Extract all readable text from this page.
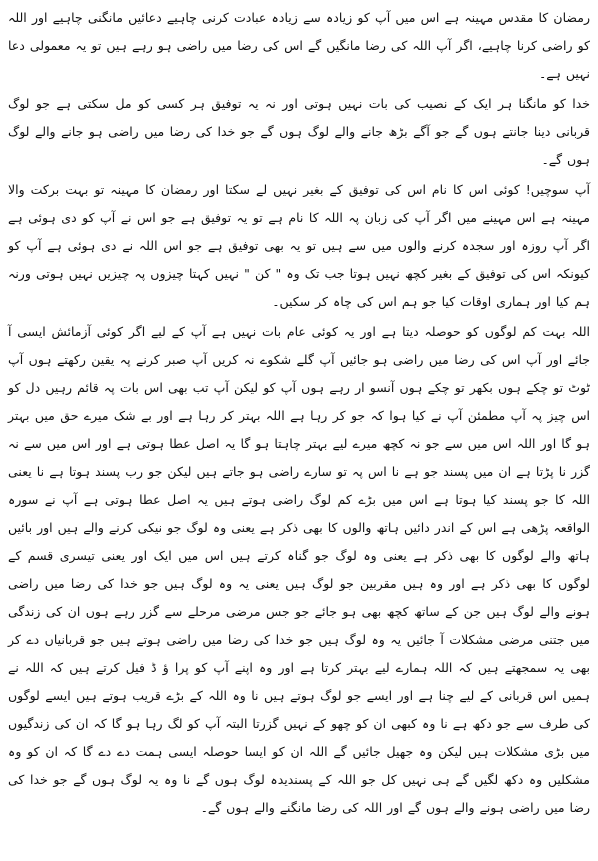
رمضان کا مقدس مہینہ ہے اس میں آپ کو زیادہ سے زیادہ عبادت کرنی چاہیے دعائیں مانگنی چاہیے اور اللہ کو راضی کرنا چاہیے، اگر آپ اللہ کی رضا مانگیں گے اس کی رضا میں راضی ہو رہے ہیں تو یہ معمولی دعا نہیں ہے۔

خدا کو مانگنا ہر ایک کے نصیب کی بات نہیں ہوتی اور نہ یہ توفیق ہر کسی کو مل سکتی ہے جو لوگ قربانی دینا جانتے ہوں گے جو آگے بڑھ جانے والے لوگ ہوں گے جو خدا کی رضا میں راضی ہو جانے والے لوگ ہوں گے۔

آپ سوچیں! کوئی اس کا نام اس کی توفیق کے بغیر نہیں لے سکتا اور رمضان کا مہینہ تو بہت برکت والا مہینہ ہے اس مہینے میں اگر آپ کی زبان پہ اللہ کا نام ہے تو یہ توفیق ہے جو اس نے آپ کو دی ہوئی ہے اگر آپ روزہ اور سجدہ کرنے والوں میں سے ہیں تو یہ بھی توفیق ہے جو اس اللہ نے دی ہوئی ہے آپ کو کیونکہ اس کی توفیق کے بغیر کچھ نہیں ہوتا جب تک وہ " کن " نہیں کہتا چیزوں پہ چیزیں نہیں ہوتی ورنہ ہم کیا اور ہماری اوقات کیا جو ہم اس کی چاہ کر سکیں۔

اللہ بہت کم لوگوں کو حوصلہ دیتا ہے اور یہ کوئی عام بات نہیں ہے آپ کے لیے اگر کوئی آزمائش ایسی آ جائے اور آپ اس کی رضا میں راضی ہو جائیں آپ گلے شکوے نہ کریں آپ صبر کرنے پہ یقین رکھتے ہوں آپ ٹوٹ تو چکے ہوں بکھر تو چکے ہوں آنسو ار رہے ہوں آپ کو لیکن آپ تب بھی اس بات پہ قائم رہیں دل کو اس چیز پہ آپ مطمئن آپ نے کیا ہوا کہ جو کر رہا ہے اللہ بہتر کر رہا ہے اور بے شک میرے حق میں بہتر ہو گا اور اللہ اس میں سے جو نہ کچھ میرے لیے بہتر چاہتا ہو گا یہ اصل عطا ہوتی ہے اور اس میں سے نہ گزر نا پڑتا ہے ان میں پسند جو ہے نا اس پہ تو سارے راضی ہو جاتے ہیں لیکن جو رب پسند ہوتا ہے نا یعنی اللہ کا جو پسند کیا ہوتا ہے اس میں بڑے کم لوگ راضی ہوتے ہیں یہ اصل عطا ہوتی ہے آپ نے سورہ الواقعہ پڑھی ہے اس کے اندر دائیں ہاتھ والوں کا بھی ذکر ہے یعنی وہ لوگ جو نیکی کرنے والے ہیں اور بائیں ہاتھ والے لوگوں کا بھی ذکر ہے یعنی وہ لوگ جو گناہ کرتے ہیں اس میں ایک اور یعنی تیسری قسم کے لوگوں کا بھی ذکر ہے اور وہ ہیں مقربین جو لوگ ہیں یعنی یہ وہ لوگ ہیں جو خدا کی رضا میں راضی ہونے والے لوگ ہیں جن کے ساتھ کچھ بھی ہو جائے جو جس مرضی مرحلے سے گزر رہے ہوں ان کی زندگی میں جتنی مرضی مشکلات آ جائیں یہ وہ لوگ ہیں جو خدا کی رضا میں راضی ہوتے ہیں جو قربانیاں دے کر بھی یہ سمجھتے ہیں کہ اللہ ہمارے لیے بہتر کرتا ہے اور وہ اپنے آپ کو پرا ؤ ڈ فیل کرتے ہیں کہ اللہ نے ہمیں اس قربانی کے لیے چنا ہے اور ایسے جو لوگ ہوتے ہیں نا وہ اللہ کے بڑے قریب ہوتے ہیں ایسے لوگوں کی طرف سے جو دکھ ہے نا وہ کبھی ان کو چھو کے نہیں گزرتا البتہ آپ کو لگ رہا ہو گا کہ ان کی زندگیوں میں بڑی مشکلات ہیں لیکن وہ جھیل جائیں گے اللہ ان کو ایسا حوصلہ ایسی ہمت دے دے گا کہ ان کو وہ مشکلیں وہ دکھ لگیں گے ہی نہیں کل جو اللہ کے پسندیدہ لوگ ہوں گے نا وہ یہ لوگ ہوں گے جو خدا کی رضا میں راضی ہونے والے ہوں گے اور اللہ کی رضا مانگنے والے ہوں گے۔
